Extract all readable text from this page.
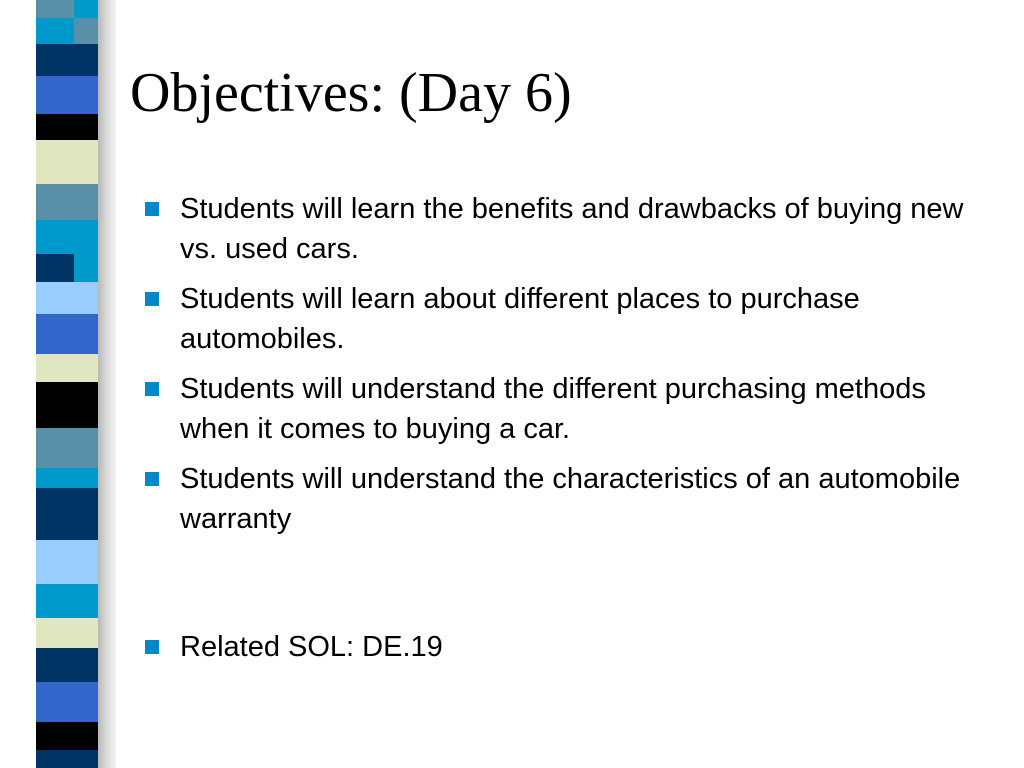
Objectives: (Day 6)
Students will learn the benefits and drawbacks of buying new vs. used cars.
Students will learn about different places to purchase automobiles.
Students will understand the different purchasing methods when it comes to buying a car.
Students will understand the characteristics of an automobile warranty
Related SOL: DE.19
